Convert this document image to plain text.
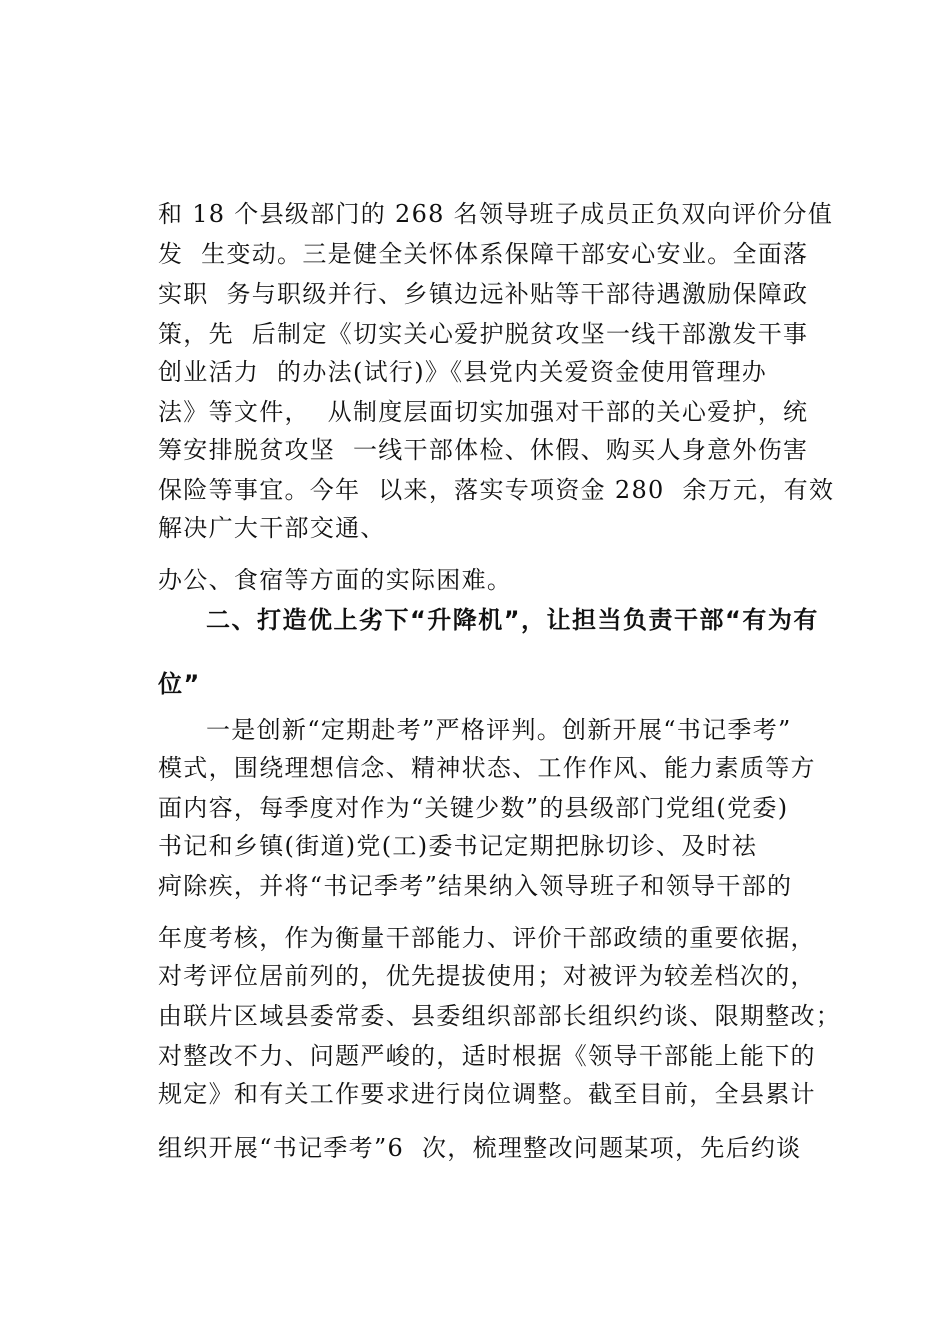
和 18 个县级部门的 268 名领导班子成员正负双向评价分值
发  生变动。三是健全关怀体系保障干部安心安业。全面落
实职  务与职级并行、乡镇边远补贴等干部待遇激励保障政
策，先  后制定《切实关心爱护脱贫攻坚一线干部激发干事
创业活力  的办法(试行)》《县党内关爱资金使用管理办
法》等文件，  从制度层面切实加强对干部的关心爱护，统
筹安排脱贫攻坚  一线干部体检、休假、购买人身意外伤害
保险等事宜。今年  以来，落实专项资金 280  余万元，有效
解决广大干部交通、
办公、食宿等方面的实际困难。
二、打造优上劣下“升降机”，让担当负责干部“有为有
位”
一是创新“定期赴考”严格评判。创新开展“书记季考”
模式，围绕理想信念、精神状态、工作作风、能力素质等方
面内容，每季度对作为“关键少数”的县级部门党组(党委)
书记和乡镇(街道)党(工)委书记定期把脉切诊、及时祛
疴除疾，并将“书记季考”结果纳入领导班子和领导干部的
年度考核，作为衡量干部能力、评价干部政绩的重要依据，
对考评位居前列的，优先提拔使用；对被评为较差档次的，
由联片区域县委常委、县委组织部部长组织约谈、限期整改；
对整改不力、问题严峻的，适时根据《领导干部能上能下的
规定》和有关工作要求进行岗位调整。截至目前，全县累计
组织开展“书记季考”6  次，梳理整改问题某项，先后约谈
